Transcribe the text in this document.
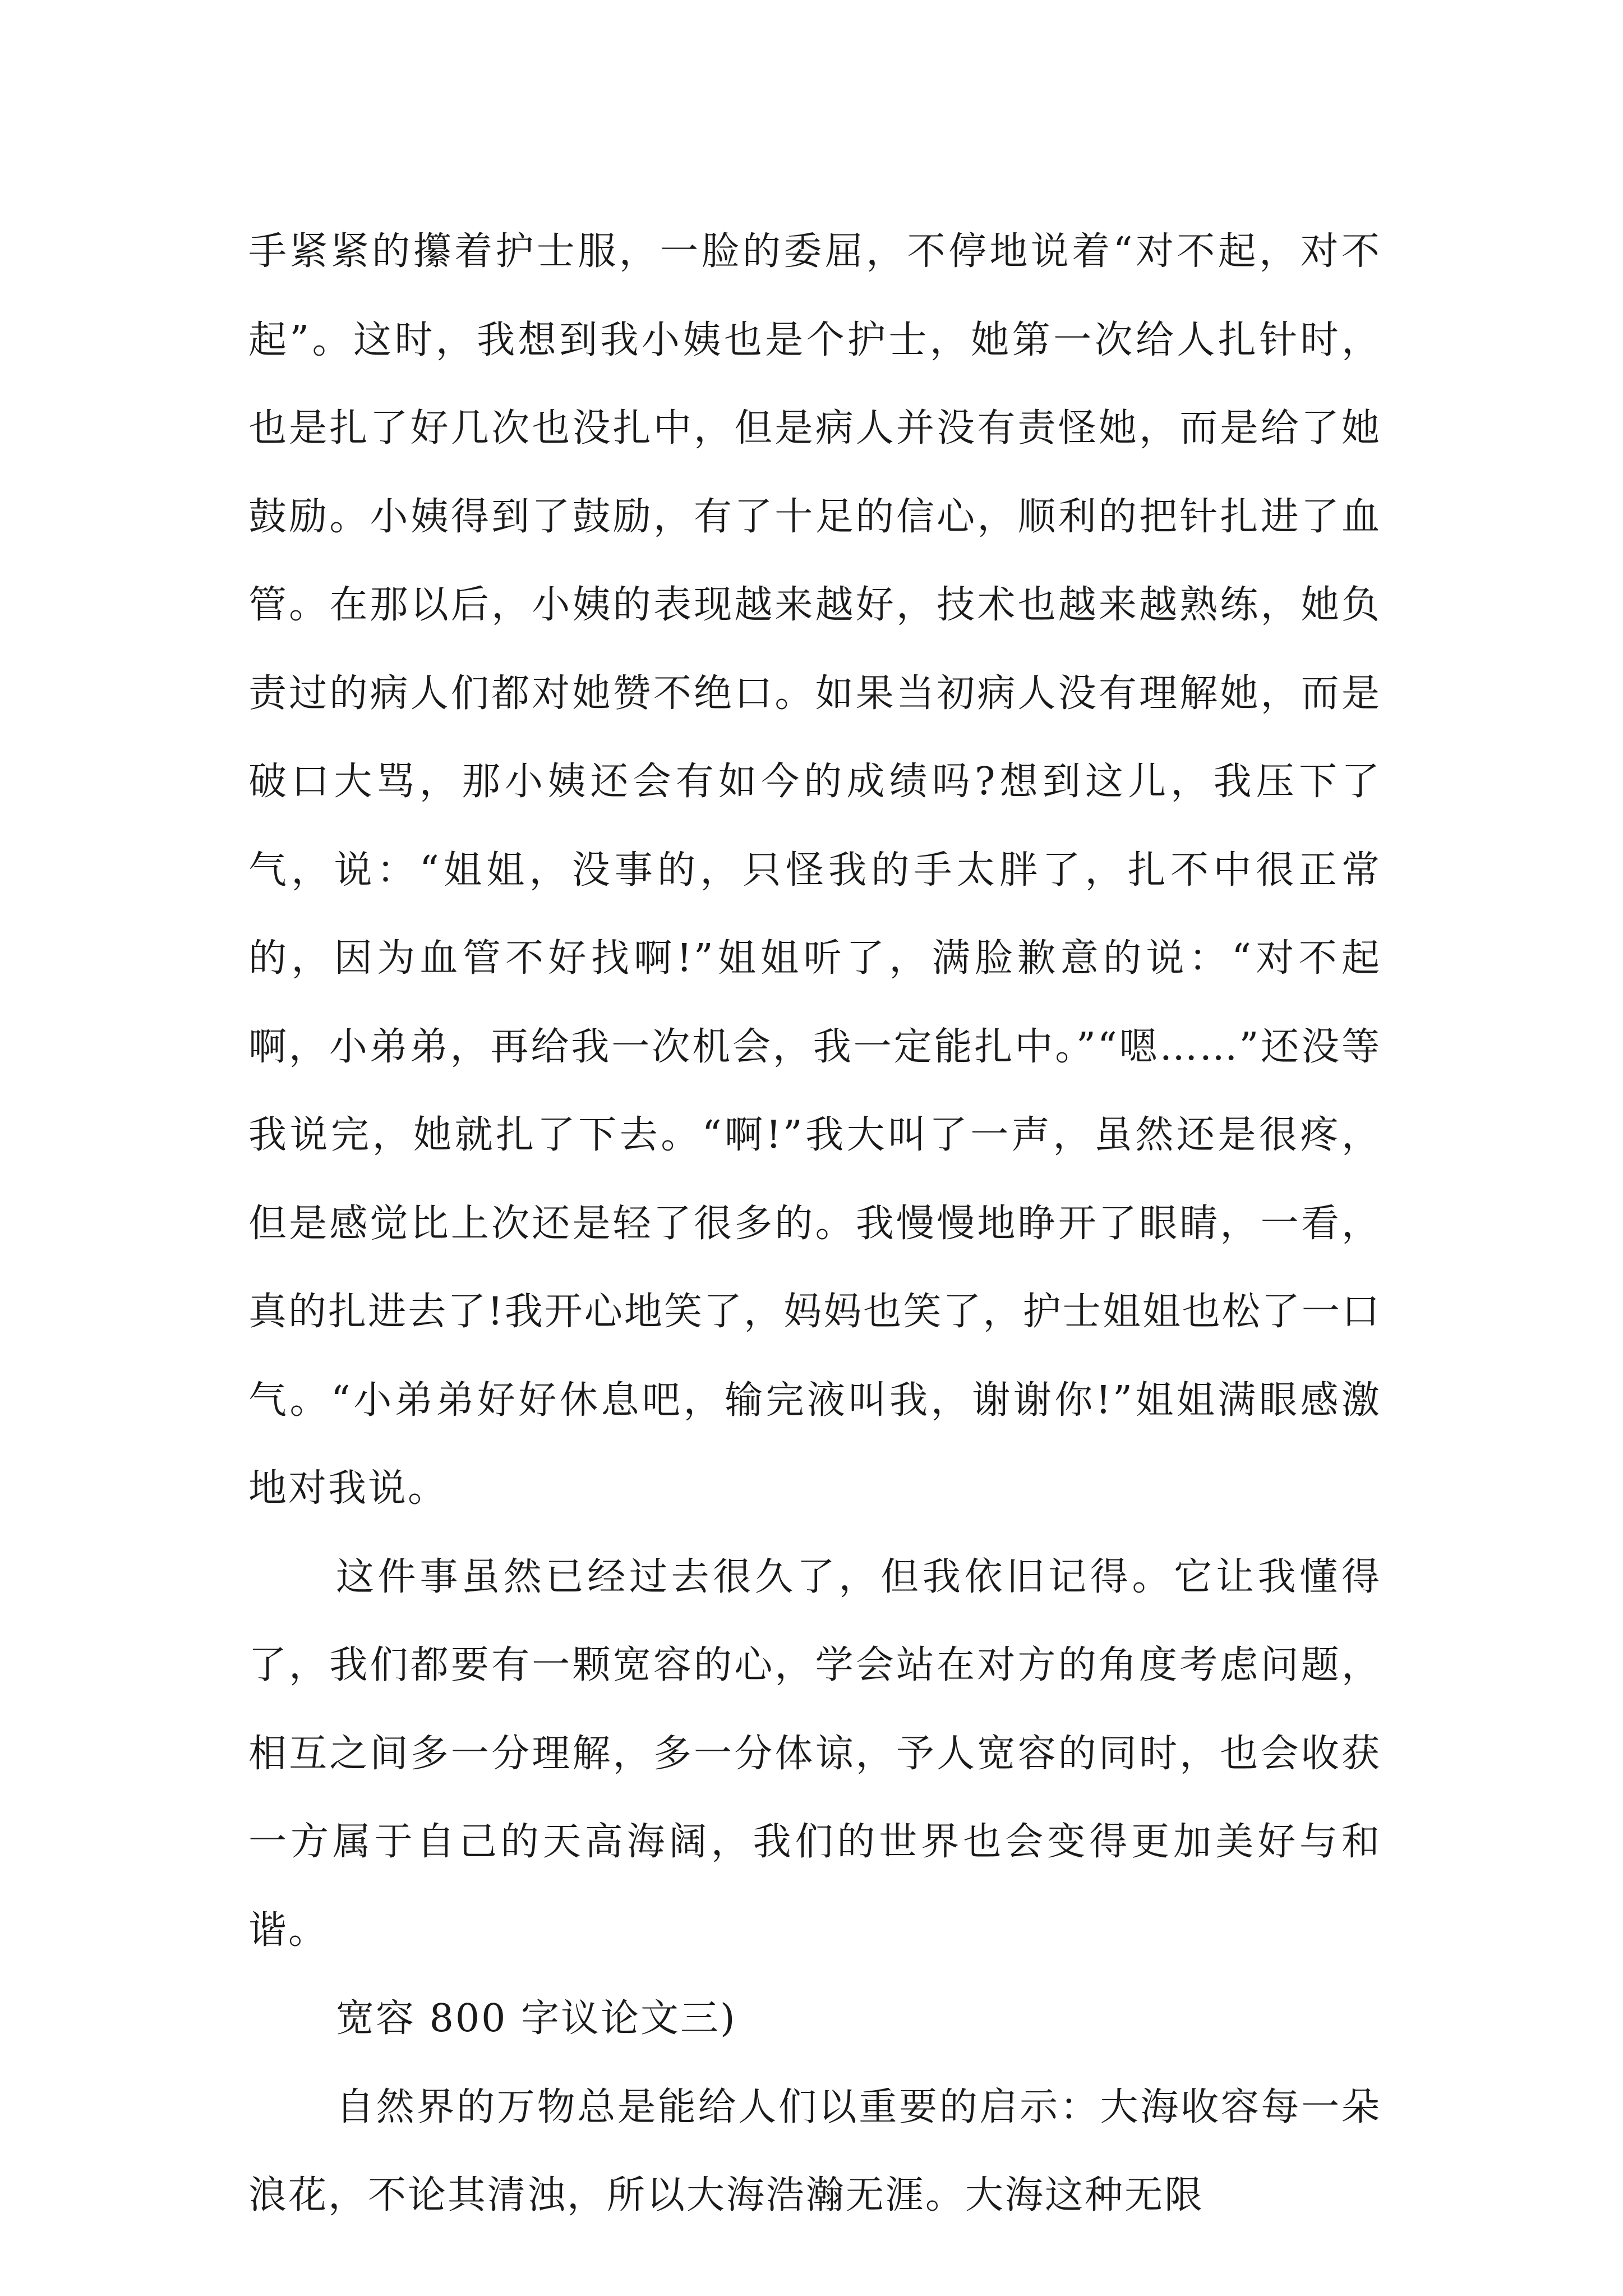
手紧紧的攥着护士服，一脸的委屈，不停地说着“对不起，对不起”。这时，我想到我小姨也是个护士，她第一次给人扎针时，也是扎了好几次也没扎中，但是病人并没有责怪她，而是给了她鼓励。小姨得到了鼓励，有了十足的信心，顺利的把针扎进了血管。在那以后，小姨的表现越来越好，技术也越来越熟练，她负责过的病人们都对她赞不绝口。如果当初病人没有理解她，而是破口大骂，那小姨还会有如今的成绩吗?想到这儿，我压下了气，说：“姐姐，没事的，只怪我的手太胖了，扎不中很正常的，因为血管不好找啊!”姐姐听了，满脸歉意的说：“对不起啊，小弟弟，再给我一次机会，我一定能扎中。”“嗯……”还没等我说完，她就扎了下去。“啊!”我大叫了一声，虽然还是很疼，但是感觉比上次还是轻了很多的。我慢慢地睁开了眼睛，一看，真的扎进去了!我开心地笑了，妈妈也笑了，护士姐姐也松了一口气。“小弟弟好好休息吧，输完液叫我，谢谢你!”姐姐满眼感激地对我说。

这件事虽然已经过去很久了，但我依旧记得。它让我懂得了，我们都要有一颗宽容的心，学会站在对方的角度考虑问题，相互之间多一分理解，多一分体谅，予人宽容的同时，也会收获一方属于自己的天高海阔，我们的世界也会变得更加美好与和谐。

宽容 800 字议论文三)

自然界的万物总是能给人们以重要的启示：大海收容每一朵浪花，不论其清浊，所以大海浩瀚无涯。大海这种无限
